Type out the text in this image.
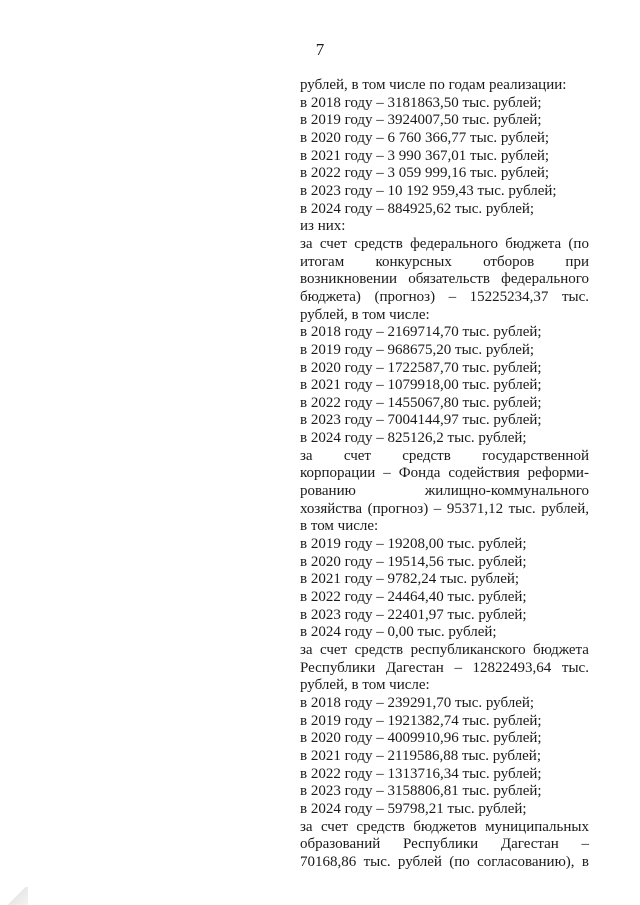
7
рублей, в том числе по годам реализации:
в 2018 году – 3181863,50 тыс. рублей;
в 2019 году – 3924007,50 тыс. рублей;
в 2020 году – 6 760 366,77 тыс. рублей;
в 2021 году – 3 990 367,01 тыс. рублей;
в 2022 году – 3 059 999,16 тыс. рублей;
в 2023 году – 10 192 959,43 тыс. рублей;
в 2024 году – 884925,62 тыс. рублей;
из них:
за счет средств федерального бюджета (по
итогам конкурсных отборов при
возникновении обязательств федерального
бюджета) (прогноз) – 15225234,37 тыс.
рублей, в том числе:
в 2018 году – 2169714,70 тыс. рублей;
в 2019 году – 968675,20 тыс. рублей;
в 2020 году – 1722587,70 тыс. рублей;
в 2021 году – 1079918,00 тыс. рублей;
в 2022 году – 1455067,80 тыс. рублей;
в 2023 году – 7004144,97 тыс. рублей;
в 2024 году – 825126,2 тыс. рублей;
за счет средств государственной
корпорации – Фонда содействия реформи-
рованию	жилищно-коммунального
хозяйства (прогноз) – 95371,12 тыс. рублей,
в том числе:
в 2019 году – 19208,00 тыс. рублей;
в 2020 году – 19514,56 тыс. рублей;
в 2021 году – 9782,24 тыс. рублей;
в 2022 году – 24464,40 тыс. рублей;
в 2023 году – 22401,97 тыс. рублей;
в 2024 году – 0,00 тыс. рублей;
за счет средств республиканского бюджета
Республики Дагестан – 12822493,64 тыс.
рублей, в том числе:
в 2018 году – 239291,70 тыс. рублей;
в 2019 году – 1921382,74 тыс. рублей;
в 2020 году – 4009910,96 тыс. рублей;
в 2021 году – 2119586,88 тыс. рублей;
в 2022 году – 1313716,34 тыс. рублей;
в 2023 году – 3158806,81 тыс. рублей;
в 2024 году – 59798,21 тыс. рублей;
за счет средств бюджетов муниципальных
образований Республики Дагестан –
70168,86 тыс. рублей (по согласованию), в
